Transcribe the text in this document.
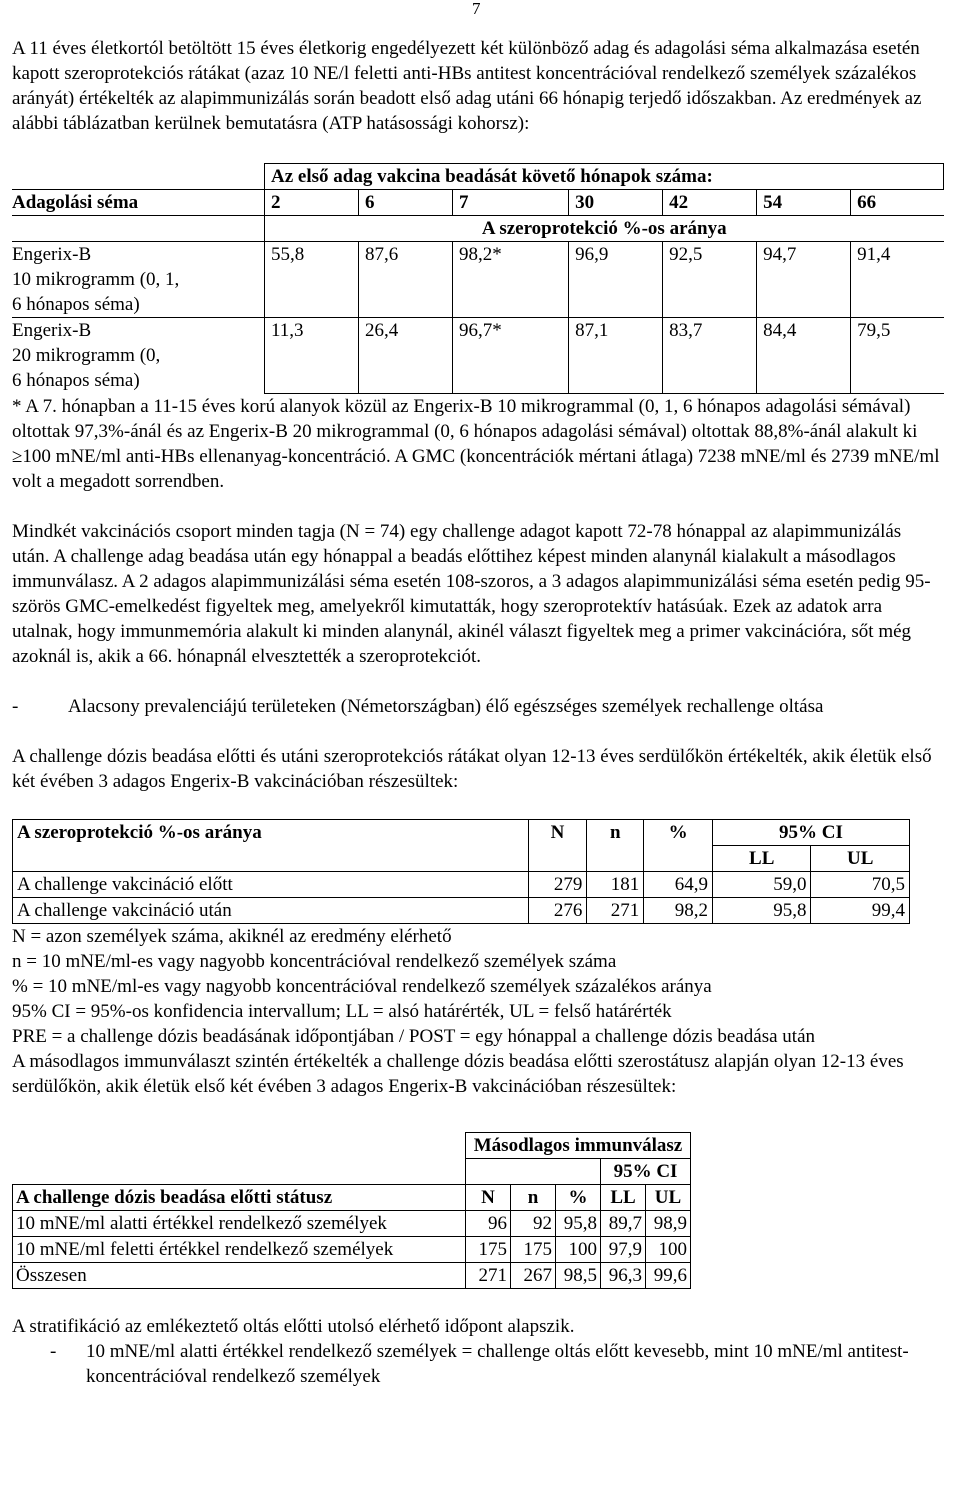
7

A 11 éves életkortól betöltött 15 éves életkorig engedélyezett két különböző adag és adagolási séma alkalmazása esetén kapott szeroprotekciós rátákat (azaz 10 NE/l feletti anti-HBs antitest koncentrációval rendelkező személyek százalékos arányát) értékelték az alapimmunizálás során beadott első adag utáni 66 hónapig terjedő időszakban. Az eredmények az alábbi táblázatban kerülnek bemutatásra (ATP hatásossági kohorsz):

	Az első adag vakcina beadását követő hónapok száma:						
Adagolási séma	2	6	7	30	42	54	66
	A szeroprotekció %-os aránya						

Engerix-B
10 mikrogramm (0, 1,
6 hónapos séma)	55,8	87,6	98,2*	96,9	92,5	94,7	91,4

Engerix-B
20 mikrogramm (0,
6 hónapos séma)	11,3	26,4	96,7*	87,1	83,7	84,4	79,5

* A 7. hónapban a 11-15 éves korú alanyok közül az Engerix-B 10 mikrogrammal (0, 1, 6 hónapos adagolási sémával) oltottak 97,3%-ánál és az Engerix-B 20 mikrogrammal (0, 6 hónapos adagolási sémával) oltottak 88,8%-ánál alakult ki ≥100 mNE/ml anti-HBs ellenanyag-koncentráció. A GMC (koncentrációk mértani átlaga) 7238 mNE/ml és 2739 mNE/ml volt a megadott sorrendben.

Mindkét vakcinációs csoport minden tagja (N = 74) egy challenge adagot kapott 72-78 hónappal az alapimmunizálás után. A challenge adag beadása után egy hónappal a beadás előttihez képest minden alanynál kialakult a másodlagos immunválasz. A 2 adagos alapimmunizálási séma esetén 108-szoros, a 3 adagos alapimmunizálási séma esetén pedig 95-szörös GMC-emelkedést figyeltek meg, amelyekről kimutatták, hogy szeroprotektív hatásúak. Ezek az adatok arra utalnak, hogy immunmemória alakult ki minden alanynál, akinél választ figyeltek meg a primer vakcinációra, sőt még azoknál is, akik a 66. hónapnál elvesztették a szeroprotekciót.

-	Alacsony prevalenciájú területeken (Németországban) élő egészséges személyek rechallenge oltása

A challenge dózis beadása előtti és utáni szeroprotekciós rátákat olyan 12-13 éves serdülőkön értékelték, akik életük első két évében 3 adagos Engerix-B vakcinációban részesültek:

A szeroprotekció %-os aránya	N	n	%	95% CI	
				LL	UL
A challenge vakcináció előtt	279	181	64,9	59,0	70,5
A challenge vakcináció után	276	271	98,2	95,8	99,4

N = azon személyek száma, akiknél az eredmény elérhető

n = 10 mNE/ml-es vagy nagyobb koncentrációval rendelkező személyek száma

% = 10 mNE/ml-es vagy nagyobb koncentrációval rendelkező személyek százalékos aránya

95% CI = 95%-os konfidencia intervallum; LL = alsó határérték, UL = felső határérték

PRE = a challenge dózis beadásának időpontjában / POST = egy hónappal a challenge dózis beadása után

A másodlagos immunválaszt szintén értékelték a challenge dózis beadása előtti szerostátusz alapján olyan 12-13 éves serdülőkön, akik életük első két évében 3 adagos Engerix-B vakcinációban részesültek:

	Másodlagos immunválasz				
				95% CI	
A challenge dózis beadása előtti státusz	N	n	%	LL	UL
10 mNE/ml alatti értékkel rendelkező személyek	96	92	95,8	89,7	98,9
10 mNE/ml feletti értékkel rendelkező személyek	175	175	100	97,9	100
Összesen	271	267	98,5	96,3	99,6

A stratifikáció az emlékeztető oltás előtti utolsó elérhető időpont alapszik.

-	10 mNE/ml alatti értékkel rendelkező személyek = challenge oltás előtt kevesebb, mint 10 mNE/ml antitest-koncentrációval rendelkező személyek
